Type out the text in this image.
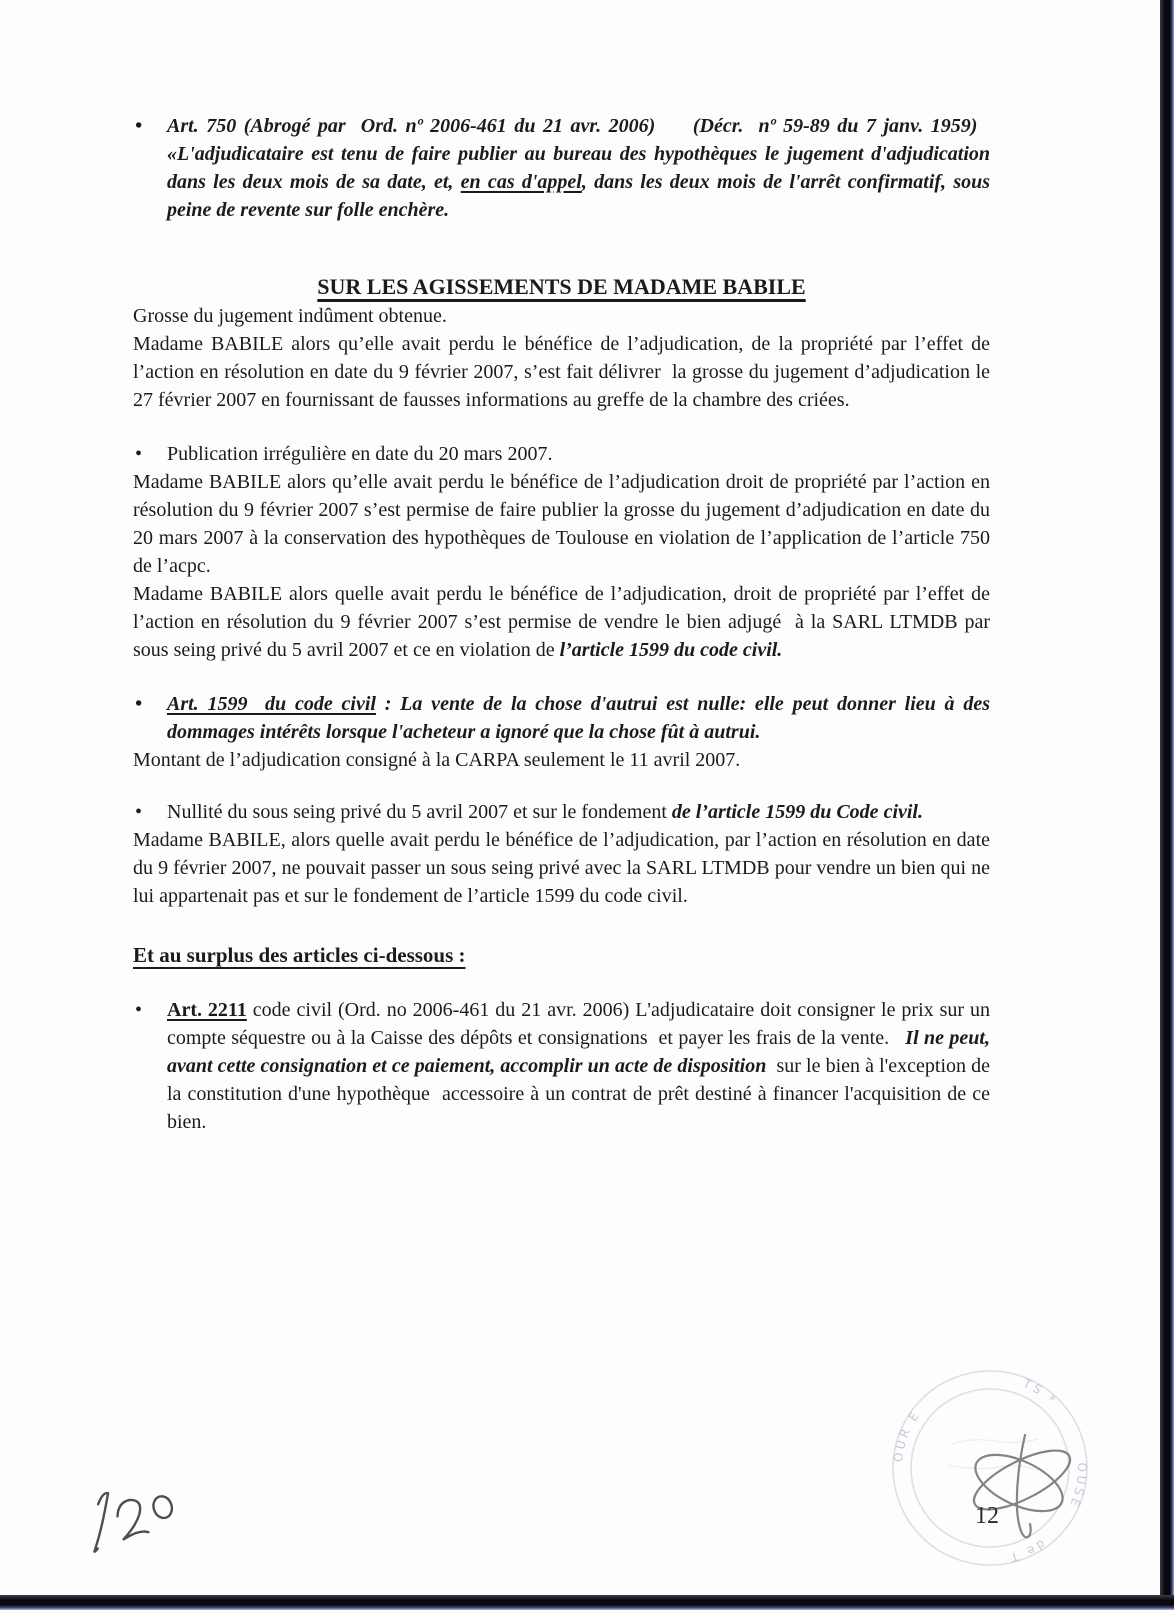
•	Art. 750 (Abrogé par  Ord. nº 2006-461 du 21 avr. 2006)     (Décr.  nº 59-89 du 7 janv. 1959)   «L'adjudicataire est tenu de faire publier au bureau des hypothèques le jugement d'adjudication dans les deux mois de sa date, et, en cas d'appel, dans les deux mois de l'arrêt confirmatif, sous peine de revente sur folle enchère.
SUR LES AGISSEMENTS DE MADAME BABILE

Grosse du jugement indûment obtenue.

Madame BABILE alors qu’elle avait perdu le bénéfice de l’adjudication, de la propriété par l’effet de l’action en résolution en date du 9 février 2007, s’est fait délivrer  la grosse du jugement d’adjudication le 27 février 2007 en fournissant de fausses informations au greffe de la chambre des criées.

•	Publication irrégulière en date du 20 mars 2007.

Madame BABILE alors qu’elle avait perdu le bénéfice de l’adjudication droit de propriété par l’action en résolution du 9 février 2007 s’est permise de faire publier la grosse du jugement d’adjudication en date du 20 mars 2007 à la conservation des hypothèques de Toulouse en violation de l’application de l’article 750 de l’acpc.

Madame BABILE alors quelle avait perdu le bénéfice de l’adjudication, droit de propriété par l’effet de l’action en résolution du 9 février 2007 s’est permise de vendre le bien adjugé  à la SARL LTMDB par sous seing privé du 5 avril 2007 et ce en violation de l’article 1599 du code civil.

•	Art. 1599  du code civil : La vente de la chose d'autrui est nulle: elle peut donner lieu à des dommages intérêts lorsque l'acheteur a ignoré que la chose fût à autrui.

Montant de l’adjudication consigné à la CARPA seulement le 11 avril 2007.

•	Nullité du sous seing privé du 5 avril 2007 et sur le fondement de l’article 1599 du Code civil.

Madame BABILE, alors quelle avait perdu le bénéfice de l’adjudication, par l’action en résolution en date du 9 février 2007, ne pouvait passer un sous seing privé avec la SARL LTMDB pour vendre un bien qui ne lui appartenait pas et sur le fondement de l’article 1599 du code civil.

Et au surplus des articles ci-dessous :
•	Art. 2211 code civil (Ord. no 2006-461 du 21 avr. 2006) L'adjudicataire doit consigner le prix sur un compte séquestre ou à la Caisse des dépôts et consignations  et payer les frais de la vente.   Il ne peut, avant cette consignation et ce paiement, accomplir un acte de disposition  sur le bien à l'exception de la constitution d'une hypothèque  accessoire à un contrat de prêt destiné à financer l'acquisition de ce bien.
TS *
OUSE
de T
OUR E
12
